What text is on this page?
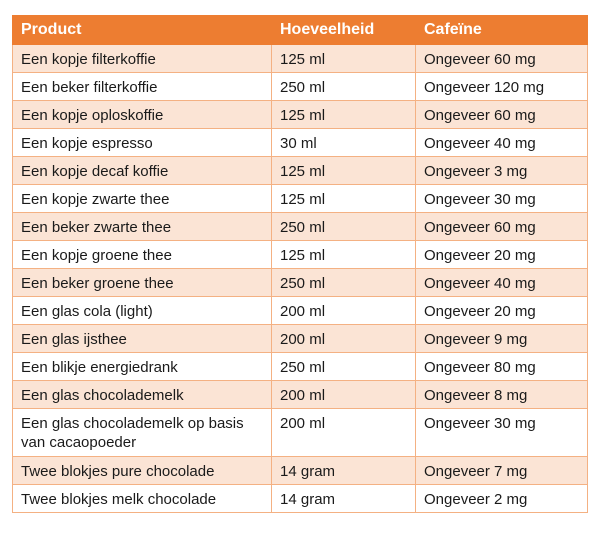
Product	Hoeveelheid	Cafeïne
Een kopje filterkoffie	125 ml	Ongeveer 60 mg
Een beker filterkoffie	250 ml	Ongeveer 120 mg
Een kopje oploskoffie	125 ml	Ongeveer 60 mg
Een kopje espresso	30 ml	Ongeveer 40 mg
Een kopje decaf koffie	125 ml	Ongeveer 3 mg
Een kopje zwarte thee	125 ml	Ongeveer 30 mg
Een beker zwarte thee	250 ml	Ongeveer 60 mg
Een kopje groene thee	125 ml	Ongeveer 20 mg
Een beker groene thee	250 ml	Ongeveer 40 mg
Een glas cola (light)	200 ml	Ongeveer 20 mg
Een glas ijsthee	200 ml	Ongeveer 9 mg
Een blikje energiedrank	250 ml	Ongeveer 80 mg
Een glas chocolademelk	200 ml	Ongeveer 8 mg
Een glas chocolademelk op basis van cacaopoeder	200 ml	Ongeveer 30 mg
Twee blokjes pure chocolade	14 gram	Ongeveer 7 mg
Twee blokjes melk chocolade	14 gram	Ongeveer 2 mg
